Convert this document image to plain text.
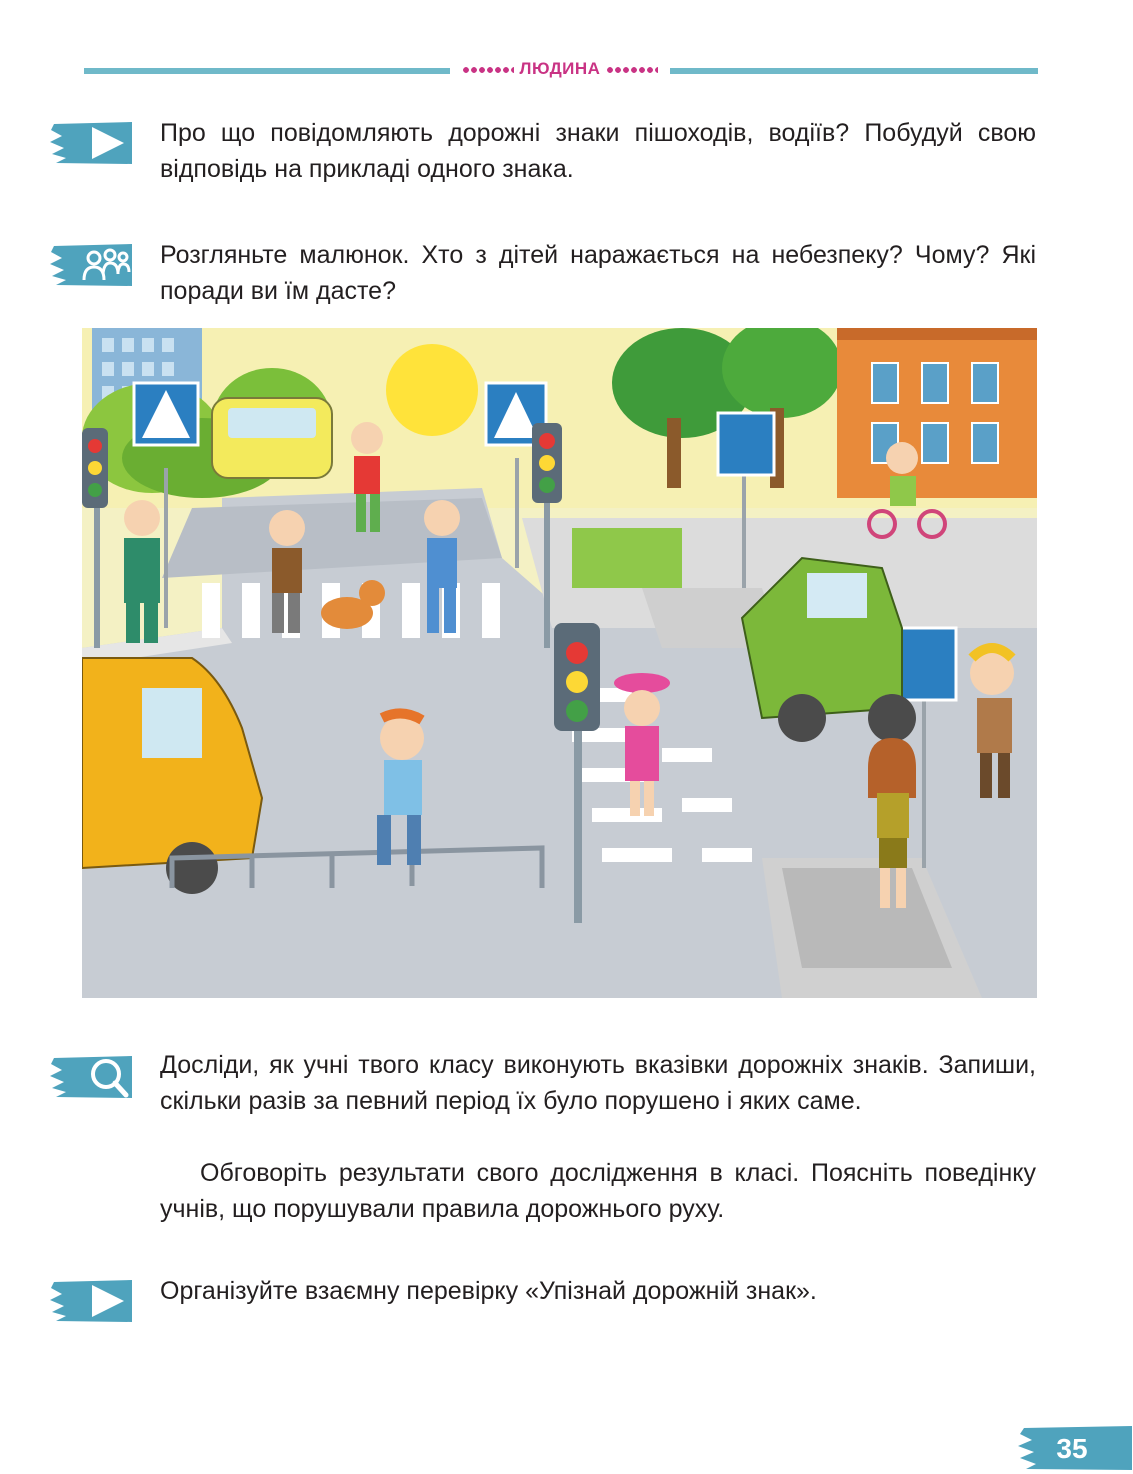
ЛЮДИНА

Про що повідомляють дорожні знаки пішоходів, водіїв? Побудуй свою відповідь на прикладі одного знака.

Розгляньте малюнок. Хто з дітей наражається на небезпеку? Чому? Які поради ви їм дасте?

Досліди, як учні твого класу виконують вказівки дорожніх знаків. Запиши, скільки разів за певний період їх було порушено і яких саме.

Обговоріть результати свого дослідження в класі. Поясніть поведінку учнів, що порушували правила дорожнього руху.

Організуйте взаємну перевірку «Упізнай дорожній знак».

35
